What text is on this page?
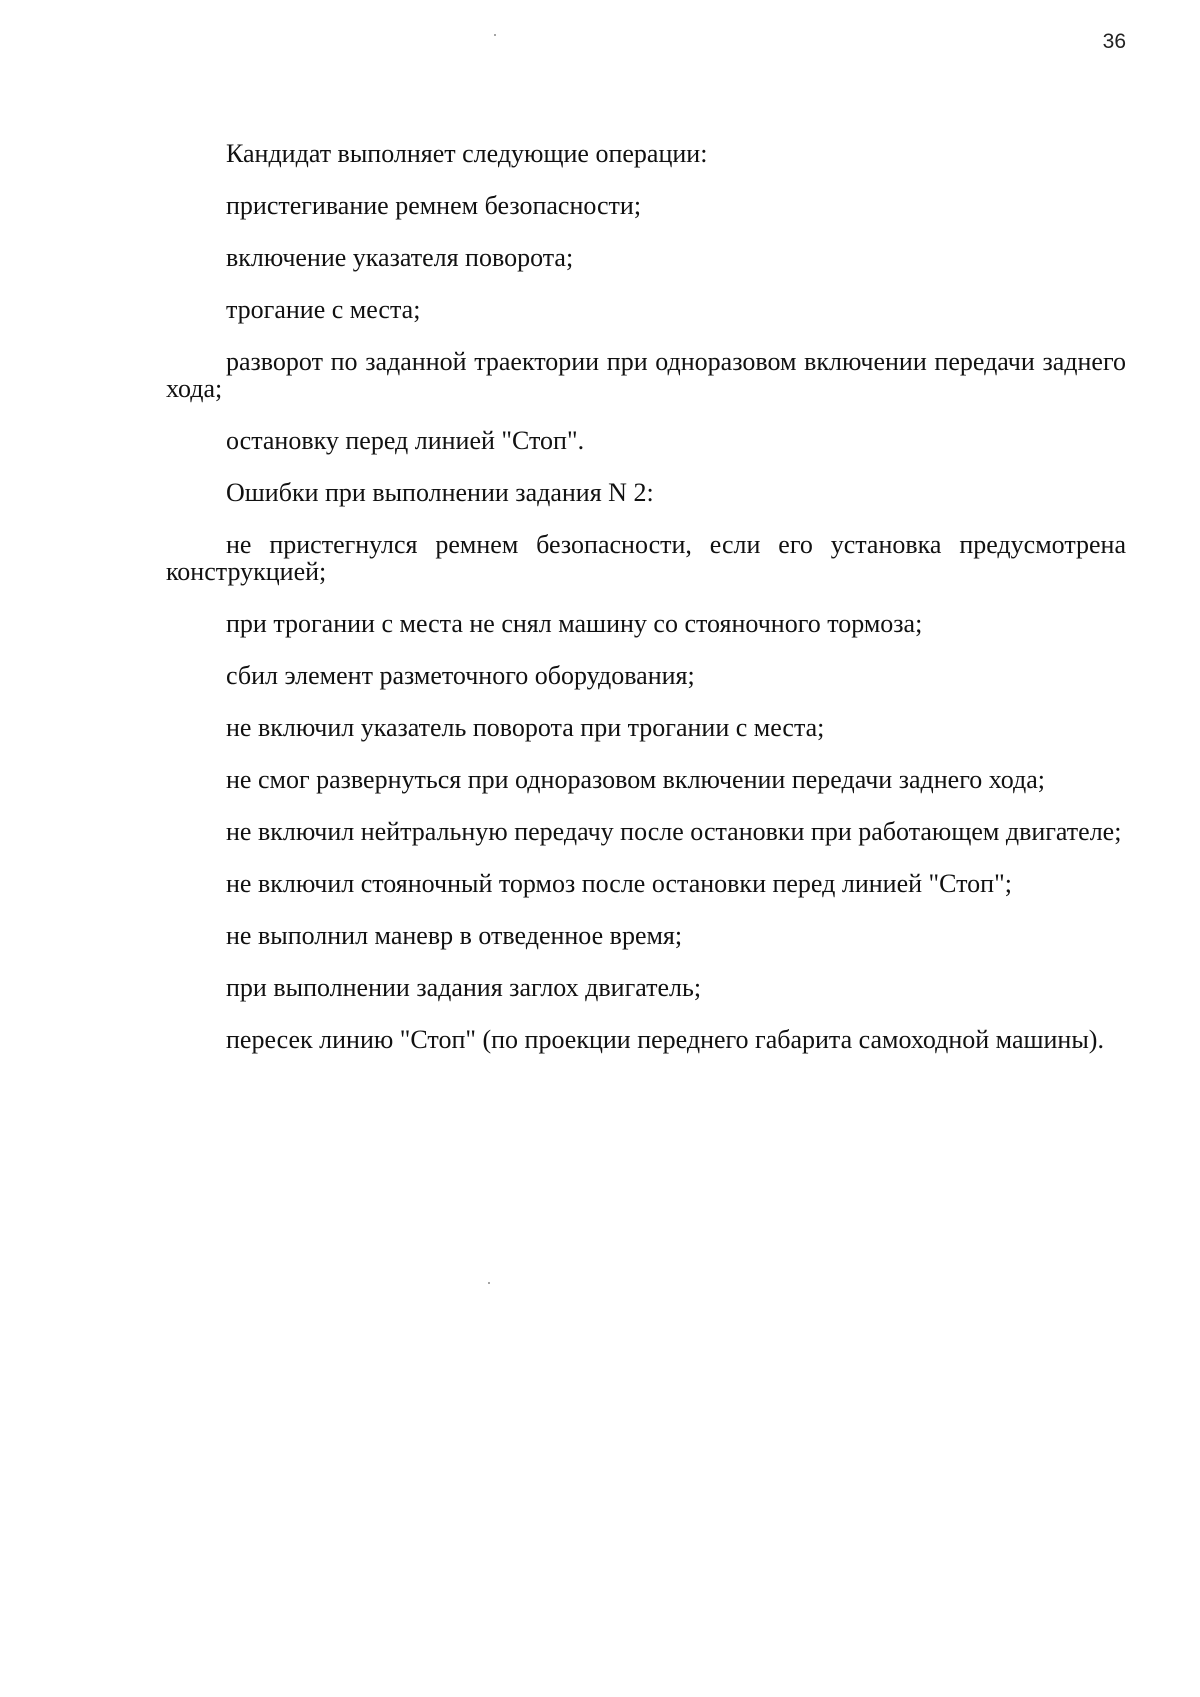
36

Кандидат выполняет следующие операции:

пристегивание ремнем безопасности;

включение указателя поворота;

трогание с места;

разворот по заданной траектории при одноразовом включении передачи заднего хода;

остановку перед линией "Стоп".

Ошибки при выполнении задания N 2:

не пристегнулся ремнем безопасности, если его установка предусмотрена конструкцией;

при трогании с места не снял машину со стояночного тормоза;

сбил элемент разметочного оборудования;

не включил указатель поворота при трогании с места;

не смог развернуться при одноразовом включении передачи заднего хода;

не включил нейтральную передачу после остановки при работающем двигателе;

не включил стояночный тормоз после остановки перед линией "Стоп";

не выполнил маневр в отведенное время;

при выполнении задания заглох двигатель;

пересек линию "Стоп" (по проекции переднего габарита самоходной машины).
